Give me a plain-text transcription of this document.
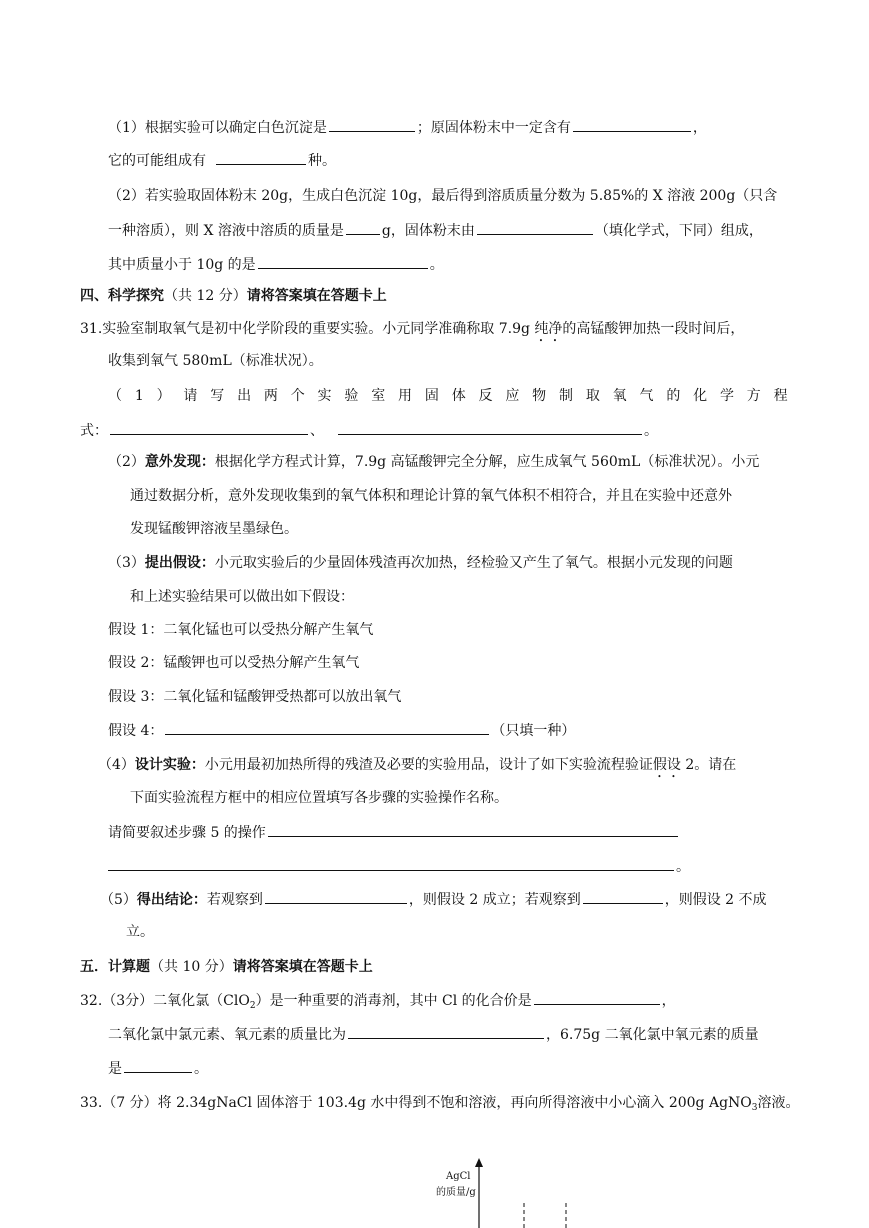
（1）根据实验可以确定白色沉淀是	；原固体粉末中一定含有	，
它的可能组成有	种。
（2）若实验取固体粉末 20g，生成白色沉淀 10g，最后得到溶质质量分数为 5.85%的 X 溶液 200g（只含
一种溶质），则 X 溶液中溶质的质量是	g，固体粉末由	（填化学式，下同）组成，
其中质量小于 10g 的是	。
四、科学探究（共 12 分）请将答案填在答题卡上
31.实验室制取氧气是初中化学阶段的重要实验。小元同学准确称取 7.9g 纯净的高锰酸钾加热一段时间后，
收集到氧气 580mL（标准状况）。
（ 1 ） 请 写 出 两 个 实 验 室 用 固 体 反 应 物 制 取 氧 气 的 化 学 方 程
式：	、	。
（2）意外发现：根据化学方程式计算，7.9g 高锰酸钾完全分解，应生成氧气 560mL（标准状况）。小元
通过数据分析，意外发现收集到的氧气体积和理论计算的氧气体积不相符合，并且在实验中还意外
发现锰酸钾溶液呈墨绿色。
（3）提出假设：小元取实验后的少量固体残渣再次加热，经检验又产生了氧气。根据小元发现的问题
和上述实验结果可以做出如下假设：
假设 1：二氧化锰也可以受热分解产生氧气
假设 2：锰酸钾也可以受热分解产生氧气
假设 3：二氧化锰和锰酸钾受热都可以放出氧气
假设 4：	（只填一种）
（4）设计实验：小元用最初加热所得的残渣及必要的实验用品，设计了如下实验流程验证假设 2。请在
下面实验流程方框中的相应位置填写各步骤的实验操作名称。
请简要叙述步骤 5 的操作
。
（5）得出结论：若观察到	，则假设 2 成立；若观察到	，则假设 2 不成
立。
五．计算题（共 10 分）请将答案填在答题卡上
32.（3分）二氧化氯（ClO$_2$）是一种重要的消毒剂，其中 Cl 的化合价是	，
二氧化氯中氯元素、氧元素的质量比为	，6.75g 二氧化氯中氧元素的质量
是	。
33.（7 分）将 2.34gNaCl 固体溶于 103.4g 水中得到不饱和溶液，再向所得溶液中小心滴入 200g AgNO$_3$溶液。
AgCl
的质量/g
